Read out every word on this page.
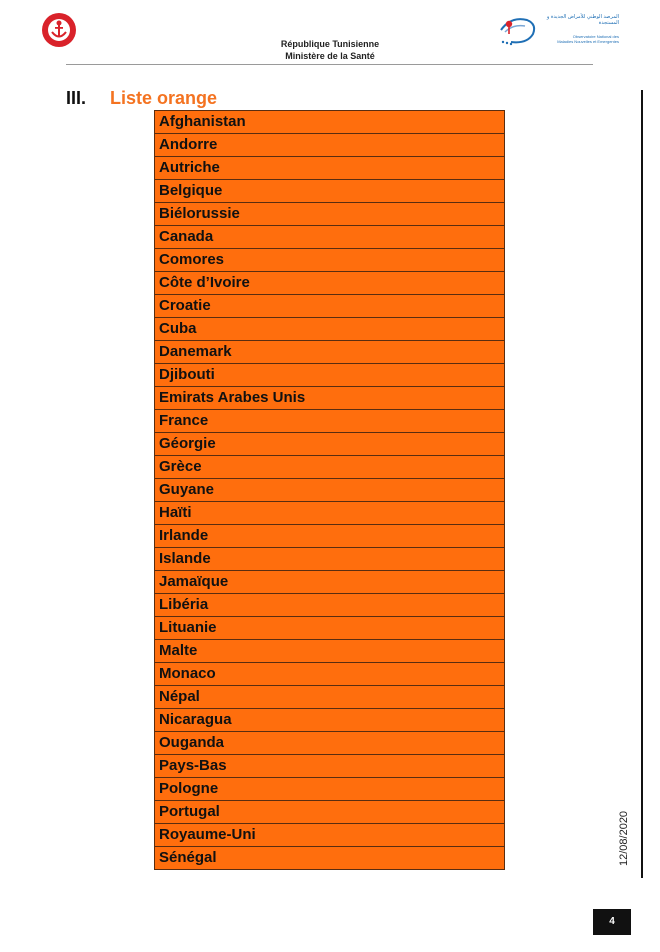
المرصد الوطني للأمراض الجديدة و المستجدة
Observatoire National des
Maladies Nouvelles et Emergentes
République Tunisienne
Ministère de la Santé
III. Liste orange
Afghanistan
Andorre
Autriche
Belgique
Biélorussie
Canada
Comores
Côte d’Ivoire
Croatie
Cuba
Danemark
Djibouti
Emirats Arabes Unis
France
Géorgie
Grèce
Guyane
Haïti
Irlande
Islande
Jamaïque
Libéria
Lituanie
Malte
Monaco
Népal
Nicaragua
Ouganda
Pays-Bas
Pologne
Portugal
Royaume-Uni
Sénégal	12/08/2020
4
